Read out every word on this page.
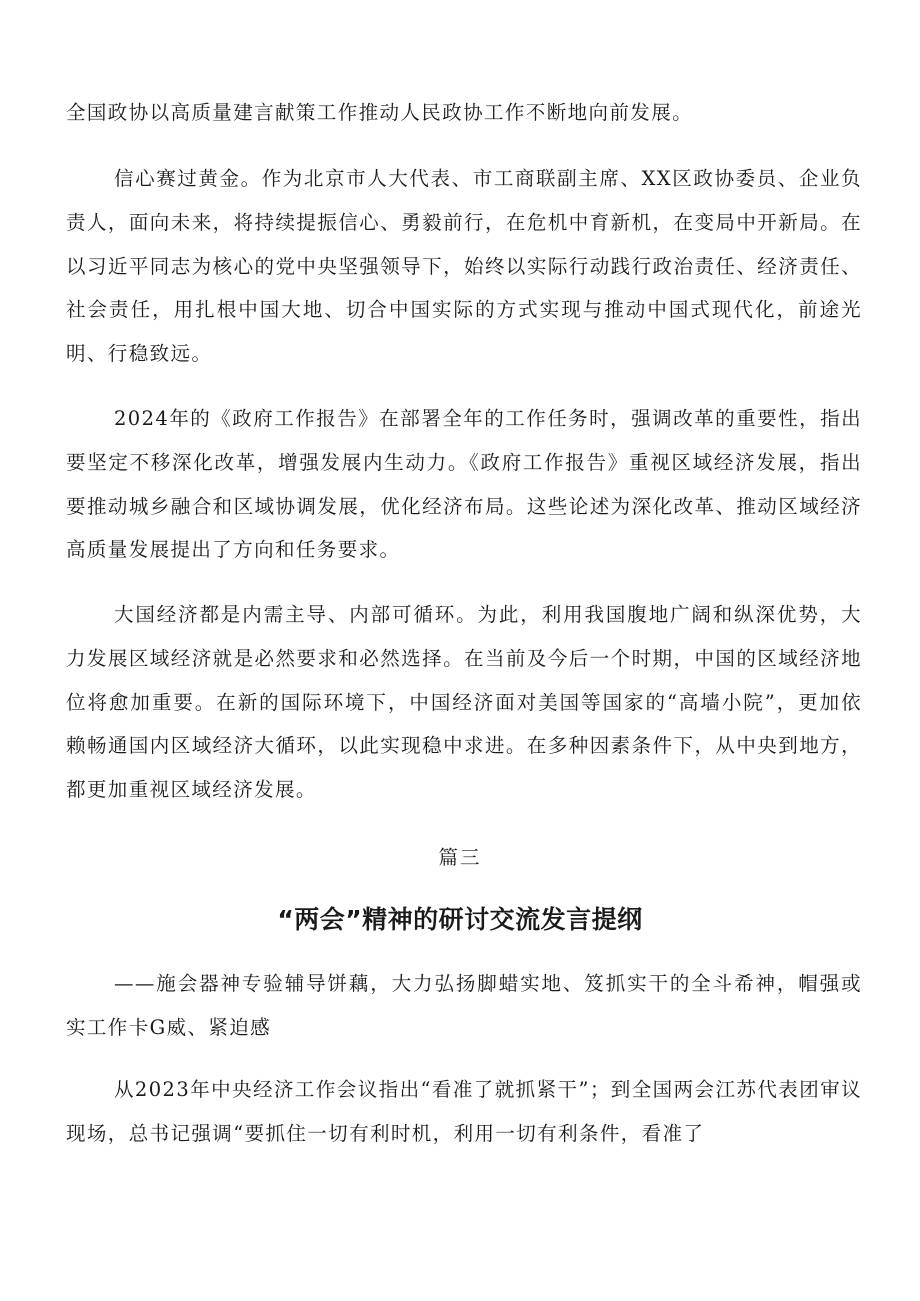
全国政协以高质量建言献策工作推动人民政协工作不断地向前发展。

信心赛过黄金。作为北京市人大代表、市工商联副主席、XX区政协委员、企业负责人，面向未来，将持续提振信心、勇毅前行，在危机中育新机，在变局中开新局。在以习近平同志为核心的党中央坚强领导下，始终以实际行动践行政治责任、经济责任、社会责任，用扎根中国大地、切合中国实际的方式实现与推动中国式现代化，前途光明、行稳致远。

2024年的《政府工作报告》在部署全年的工作任务时，强调改革的重要性，指出要坚定不移深化改革，增强发展内生动力。《政府工作报告》重视区域经济发展，指出要推动城乡融合和区域协调发展，优化经济布局。这些论述为深化改革、推动区域经济高质量发展提出了方向和任务要求。

大国经济都是内需主导、内部可循环。为此，利用我国腹地广阔和纵深优势，大力发展区域经济就是必然要求和必然选择。在当前及今后一个时期，中国的区域经济地位将愈加重要。在新的国际环境下，中国经济面对美国等国家的“高墙小院”，更加依赖畅通国内区域经济大循环，以此实现稳中求进。在多种因素条件下，从中央到地方，都更加重视区域经济发展。

篇三

“两会”精神的研讨交流发言提纲

——施会器神专验辅导饼藕，大力弘扬脚蜡实地、笈抓实干的全斗希神，帽强或实工作卡G威、紧迫感

从2023年中央经济工作会议指出“看准了就抓紧干”；到全国两会江苏代表团审议现场，总书记强调“要抓住一切有利时机，利用一切有利条件，看准了
